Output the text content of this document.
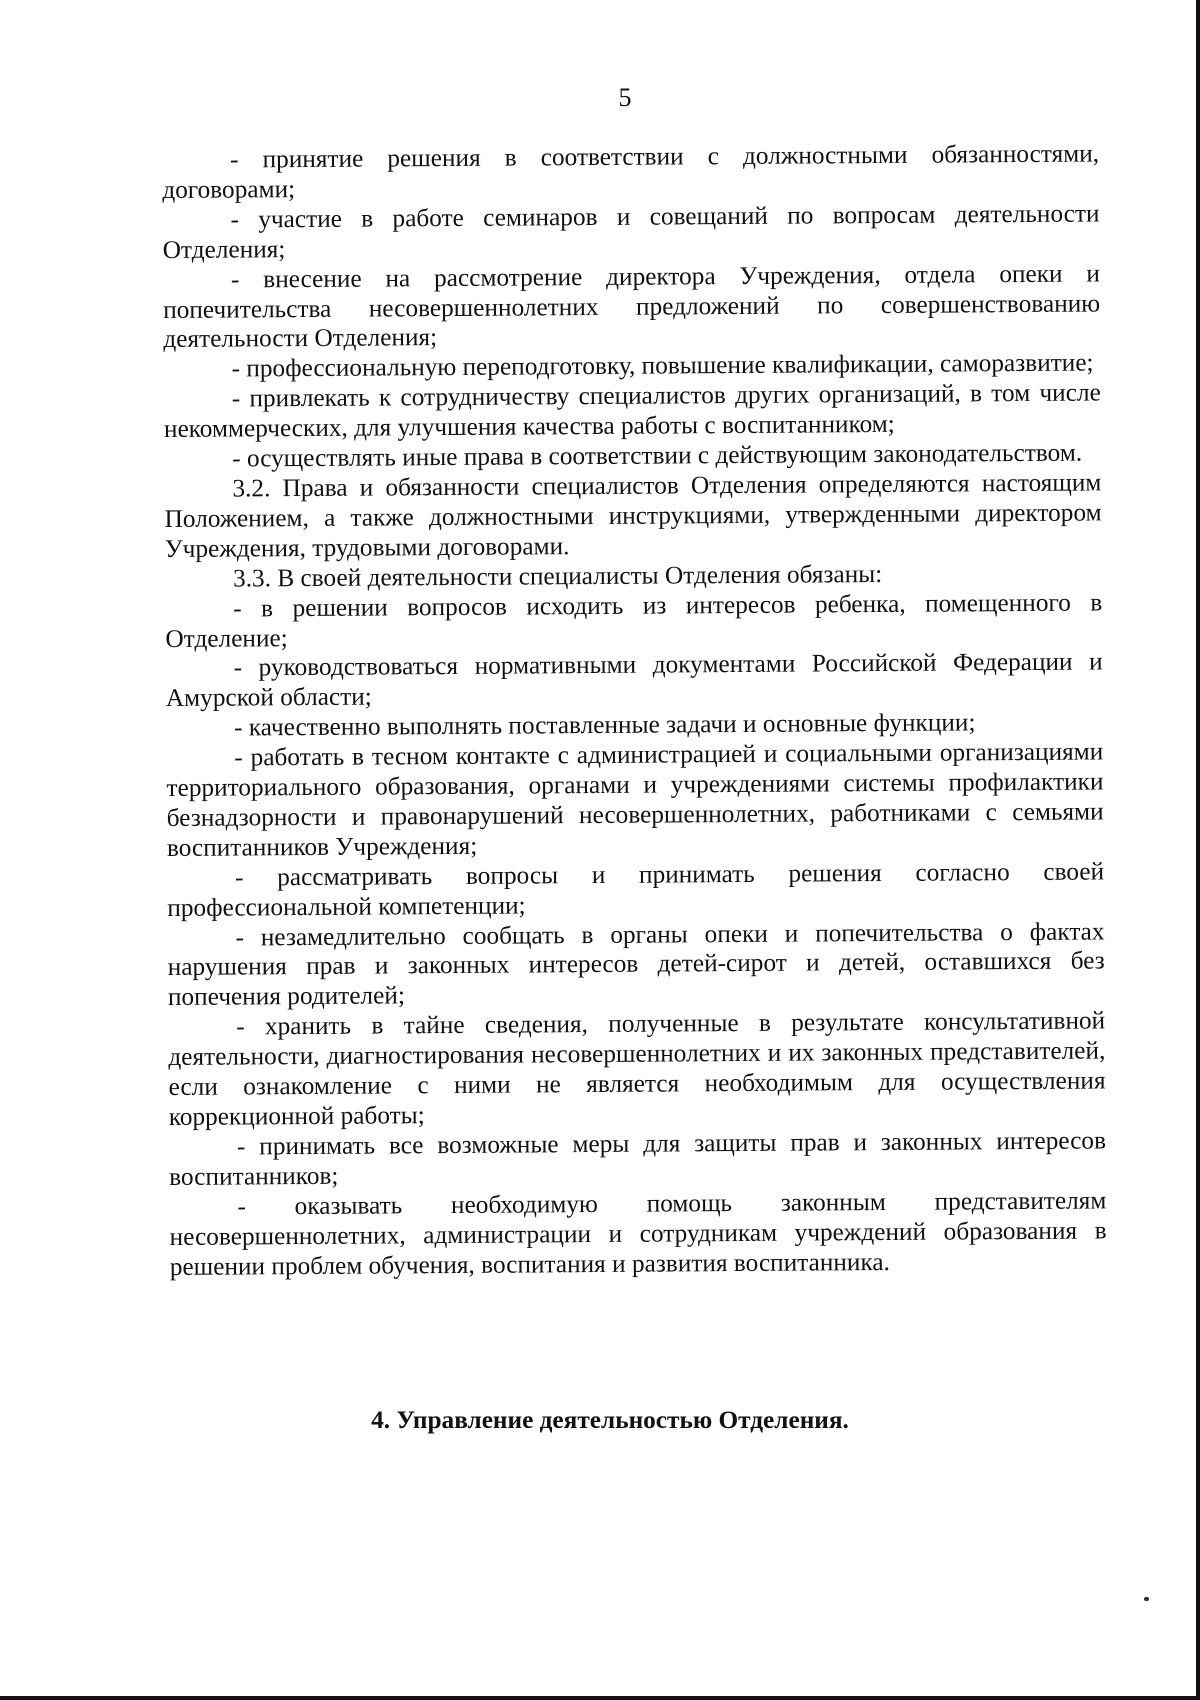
5

- принятие решения в соответствии с должностными обязанностями, договорами;

- участие в работе семинаров и совещаний по вопросам деятельности Отделения;

- внесение на рассмотрение директора Учреждения, отдела опеки и попечительства несовершеннолетних предложений по совершенствованию деятельности Отделения;

- профессиональную переподготовку, повышение квалификации, саморазвитие;

- привлекать к сотрудничеству специалистов других организаций, в том числе некоммерческих, для улучшения качества работы с воспитанником;

- осуществлять иные права в соответствии с действующим законодательством.

3.2. Права и обязанности специалистов Отделения определяются настоящим Положением, а также должностными инструкциями, утвержденными директором Учреждения, трудовыми договорами.

3.3. В своей деятельности специалисты Отделения обязаны:

- в решении вопросов исходить из интересов ребенка, помещенного в Отделение;

- руководствоваться нормативными документами Российской Федерации и Амурской области;

- качественно выполнять поставленные задачи и основные функции;

- работать в тесном контакте с администрацией и социальными организациями территориального образования, органами и учреждениями системы профилактики безнадзорности и правонарушений несовершеннолетних, работниками с семьями воспитанников Учреждения;

- рассматривать вопросы и принимать решения согласно своей профессиональной компетенции;

- незамедлительно сообщать в органы опеки и попечительства о фактах нарушения прав и законных интересов детей-сирот и детей, оставшихся без попечения родителей;

- хранить в тайне сведения, полученные в результате консультативной деятельности, диагностирования несовершеннолетних и их законных представителей, если ознакомление с ними не является необходимым для осуществления коррекционной работы;

- принимать все возможные меры для защиты прав и законных интересов воспитанников;

- оказывать необходимую помощь законным представителям несовершеннолетних, администрации и сотрудникам учреждений образования в решении проблем обучения, воспитания и развития воспитанника.

4. Управление деятельностью Отделения.
